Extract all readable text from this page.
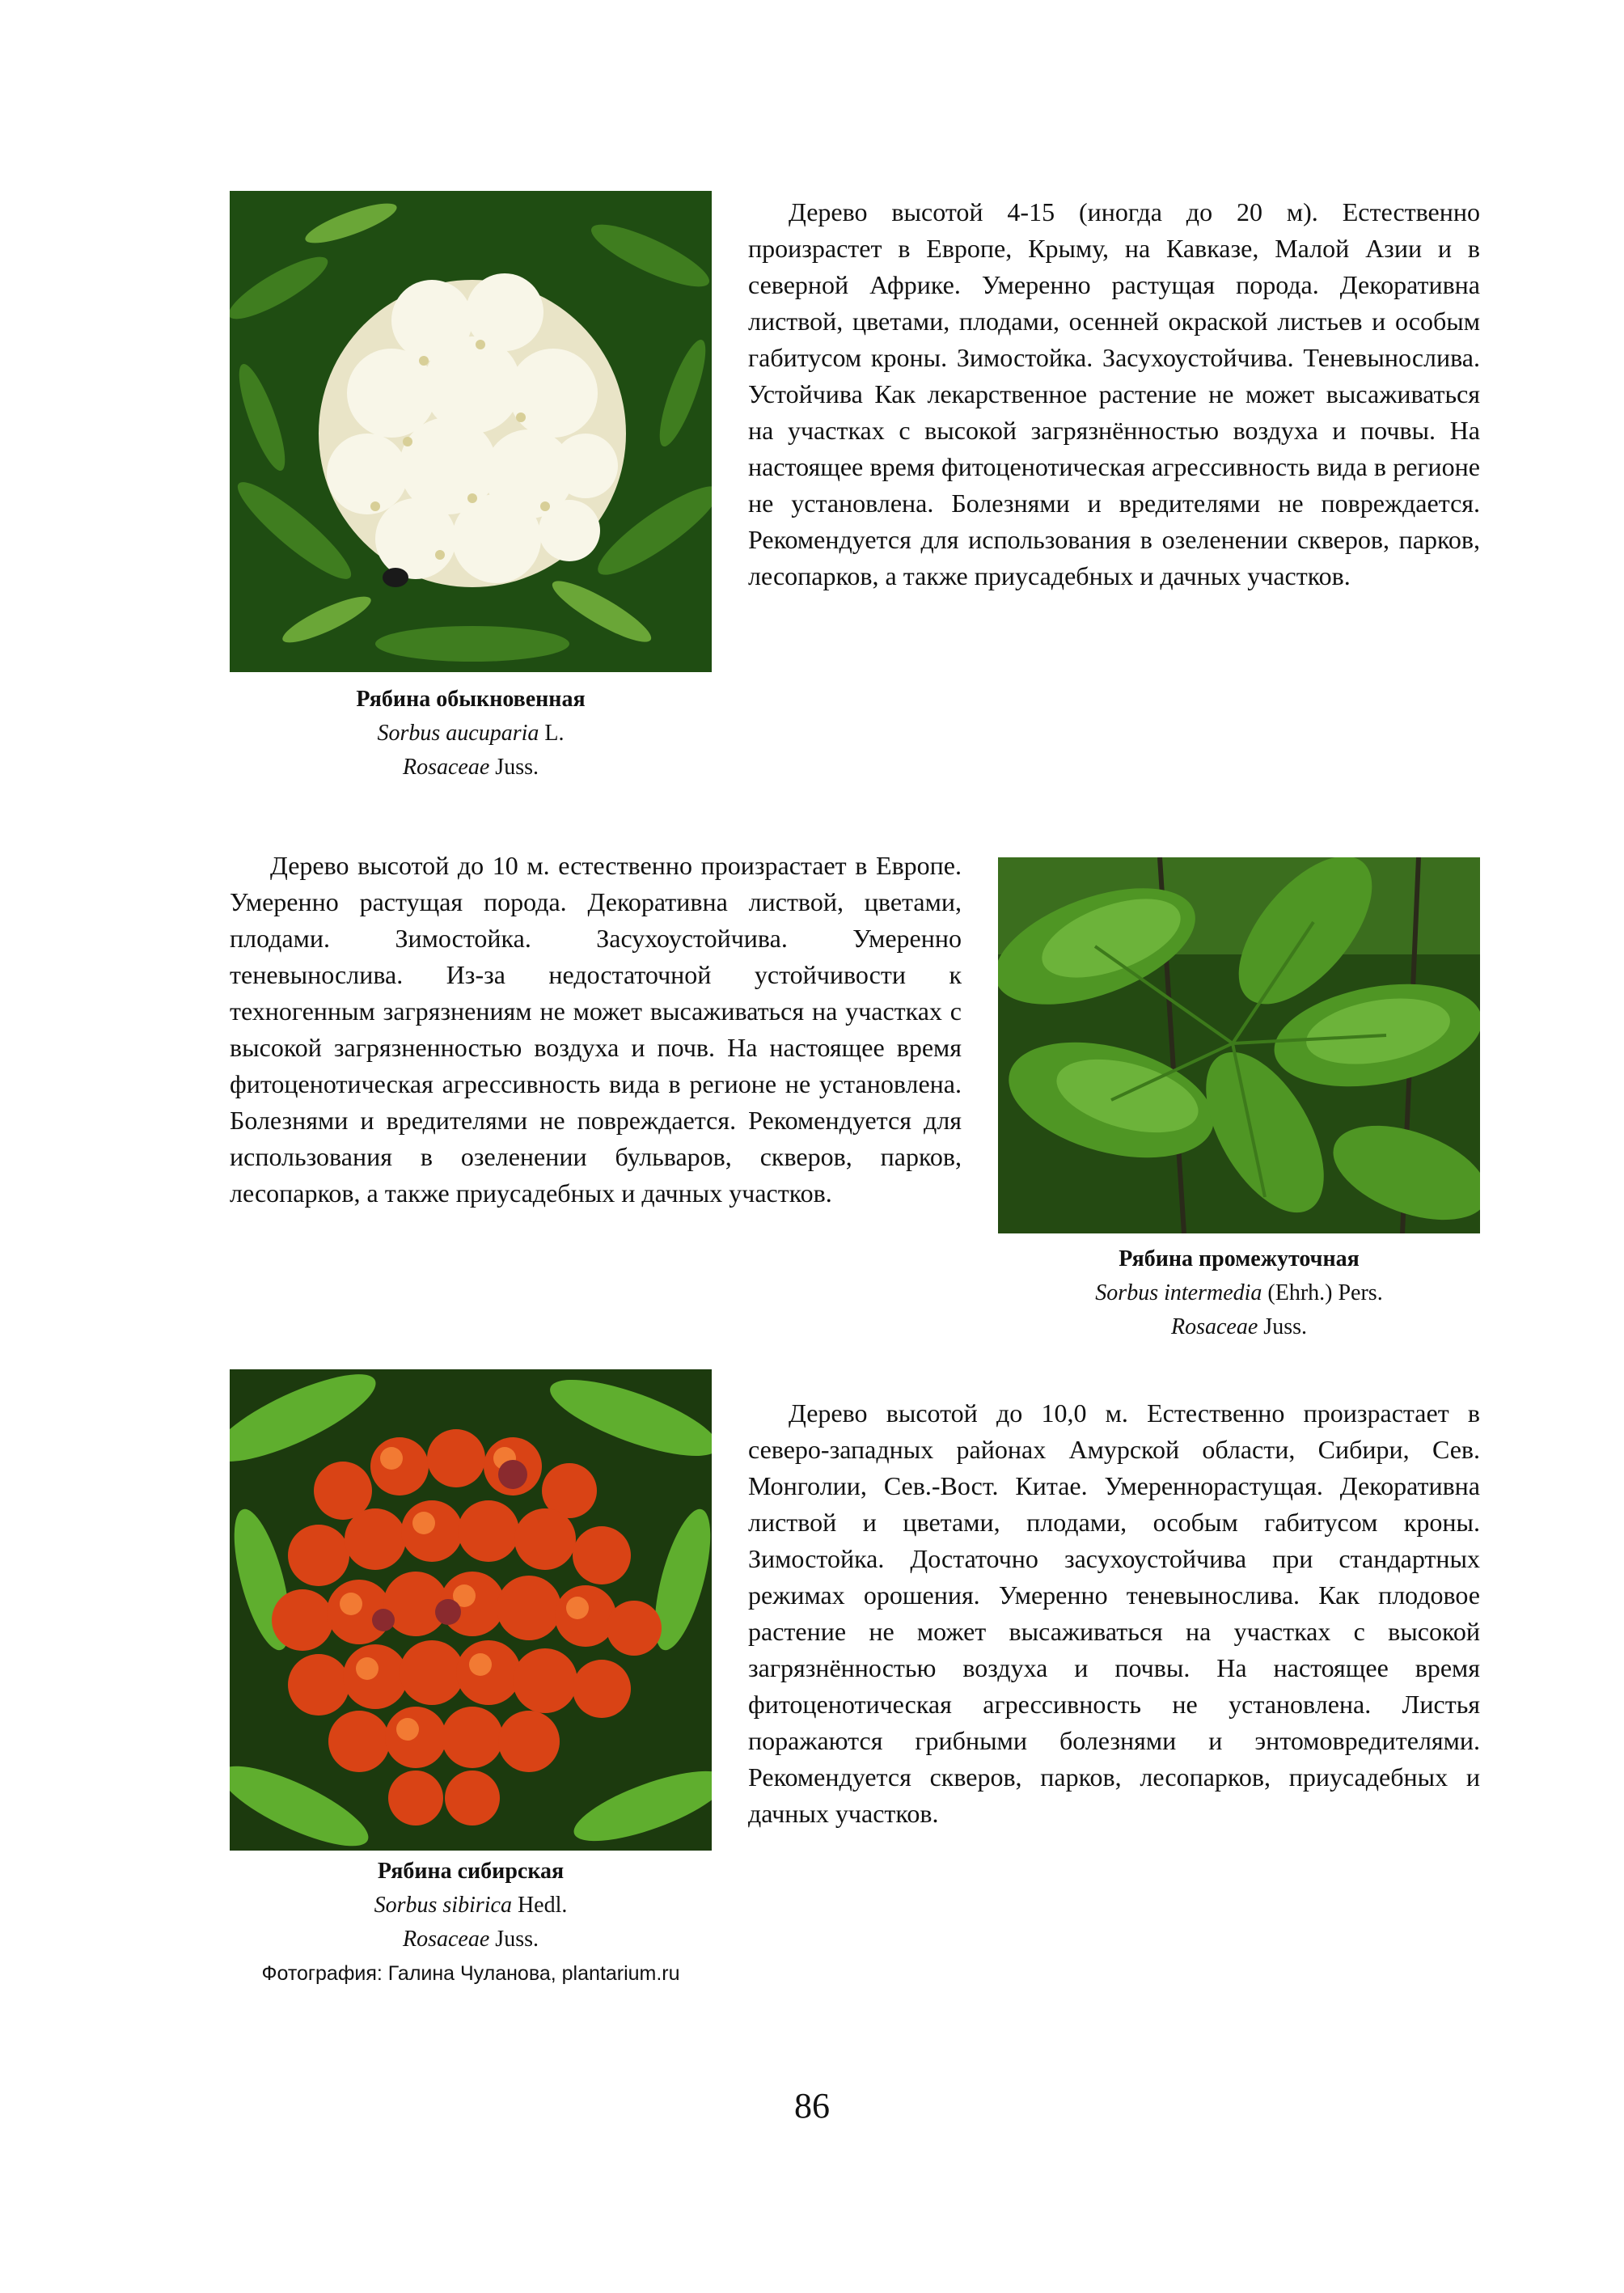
Дерево высотой 4-15 (иногда до 20 м). Естественно произрастет в Европе, Крыму, на Кавказе, Малой Азии и в северной Африке. Умеренно растущая порода. Декоративна листвой, цветами, плодами, осенней окраской листьев и особым габитусом кроны. Зимостойка. Засухоустойчива. Теневынослива. Устойчива Как лекарственное растение не может высаживаться на участках с высокой загрязнённостью воздуха и почвы. На настоящее время фитоценотическая агрессивность вида в регионе не установлена. Болезнями и вредителями не повреждается. Рекомендуется для использования в озеленении скверов, парков, лесопарков, а также приусадебных и дачных участков.

Рябина обыкновенная
Sorbus aucuparia L.
Rosaceae Juss.

Дерево высотой до 10 м. естественно произрастает в Европе. Умеренно растущая порода. Декоративна листвой, цветами, плодами. Зимостойка. Засухоустойчива. Умеренно теневынослива. Из-за недостаточной устойчивости к техногенным загрязнениям не может высаживаться на участках с высокой загрязненностью воздуха и почв. На настоящее время фитоценотическая агрессивность вида в регионе не установлена. Болезнями и вредителями не повреждается. Рекомендуется для использования в озеленении бульваров, скверов, парков, лесопарков, а также приусадебных и дачных участков.

Рябина промежуточная
Sorbus intermedia (Ehrh.) Pers.
Rosaceae Juss.

Дерево высотой до 10,0 м. Естественно произрастает в северо-западных районах Амурской области, Сибири, Сев. Монголии, Сев.-Вост. Китае. Умереннорастущая. Декоративна листвой и цветами, плодами, особым габитусом кроны. Зимостойка. Достаточно засухоустойчива при стандартных режимах орошения. Умеренно теневынослива. Как плодовое растение не может высаживаться на участках с высокой загрязнённостью воздуха и почвы. На настоящее время фитоценотическая агрессивность не установлена. Листья поражаются грибными болезнями и энтомовредителями. Рекомендуется скверов, парков, лесопарков, приусадебных и дачных участков.

Рябина сибирская
Sorbus sibirica Hedl.
Rosaceae Juss.
Фотография: Галина Чуланова, plantarium.ru
86
